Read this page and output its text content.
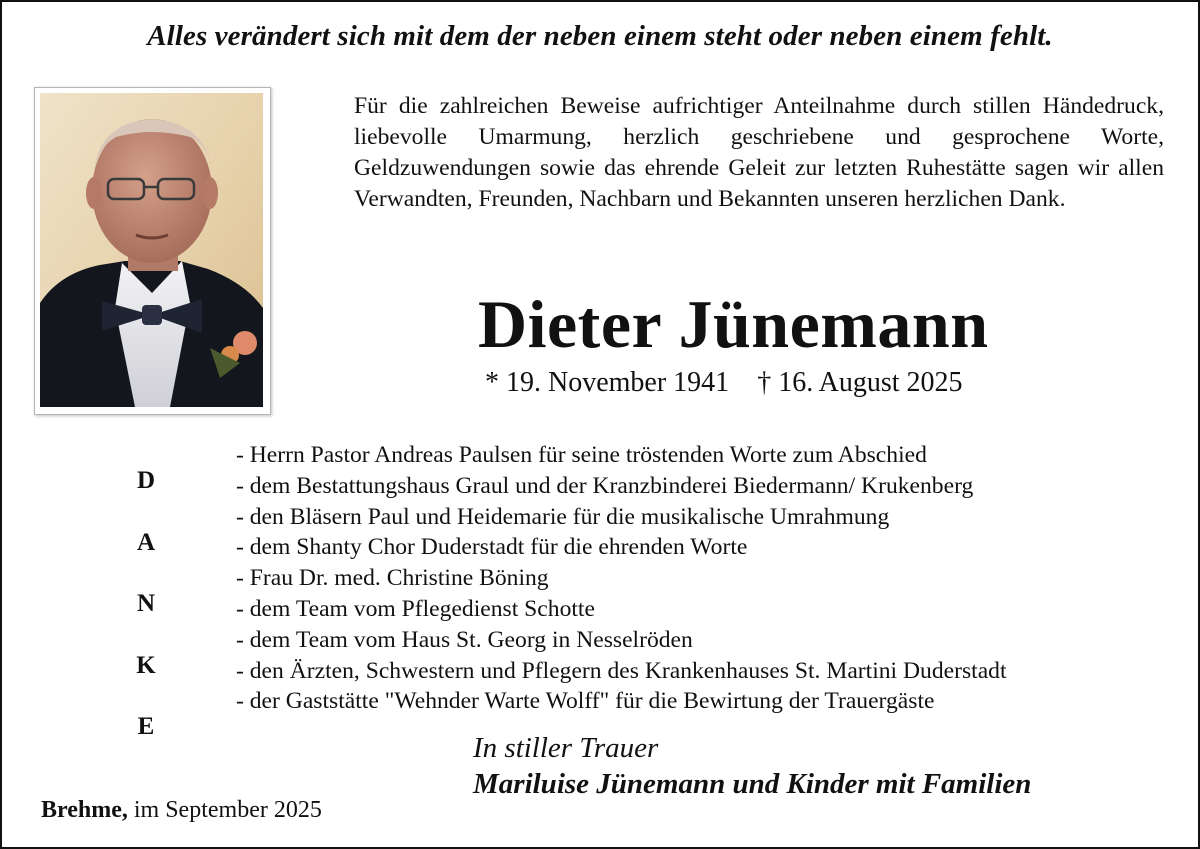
Alles verändert sich mit dem der neben einem steht oder neben einem fehlt.

Für die zahlreichen Beweise aufrichtiger Anteilnahme durch stillen Händedruck, liebevolle Umarmung, herzlich geschriebene und gesprochene Worte, Geldzuwendungen sowie das ehrende Geleit zur letzten Ruhestätte sagen wir allen Verwandten, Freunden, Nachbarn und Bekannten unseren herzlichen Dank.

Dieter Jünemann
* 19. November 1941 † 16. August 2025
D
A
N
K
E
- Herrn Pastor Andreas Paulsen für seine tröstenden Worte zum Abschied
- dem Bestattungshaus Graul und der Kranzbinderei Biedermann/ Krukenberg
- den Bläsern Paul und Heidemarie für die musikalische Umrahmung
- dem Shanty Chor Duderstadt für die ehrenden Worte
- Frau Dr. med. Christine Böning
- dem Team vom Pflegedienst Schotte
- dem Team vom Haus St. Georg in Nesselröden
- den Ärzten, Schwestern und Pflegern des Krankenhauses St. Martini Duderstadt
- der Gaststätte "Wehnder Warte Wolff" für die Bewirtung der Trauergäste
In stiller Trauer
Mariluise Jünemann und Kinder mit Familien
Brehme, im September 2025
